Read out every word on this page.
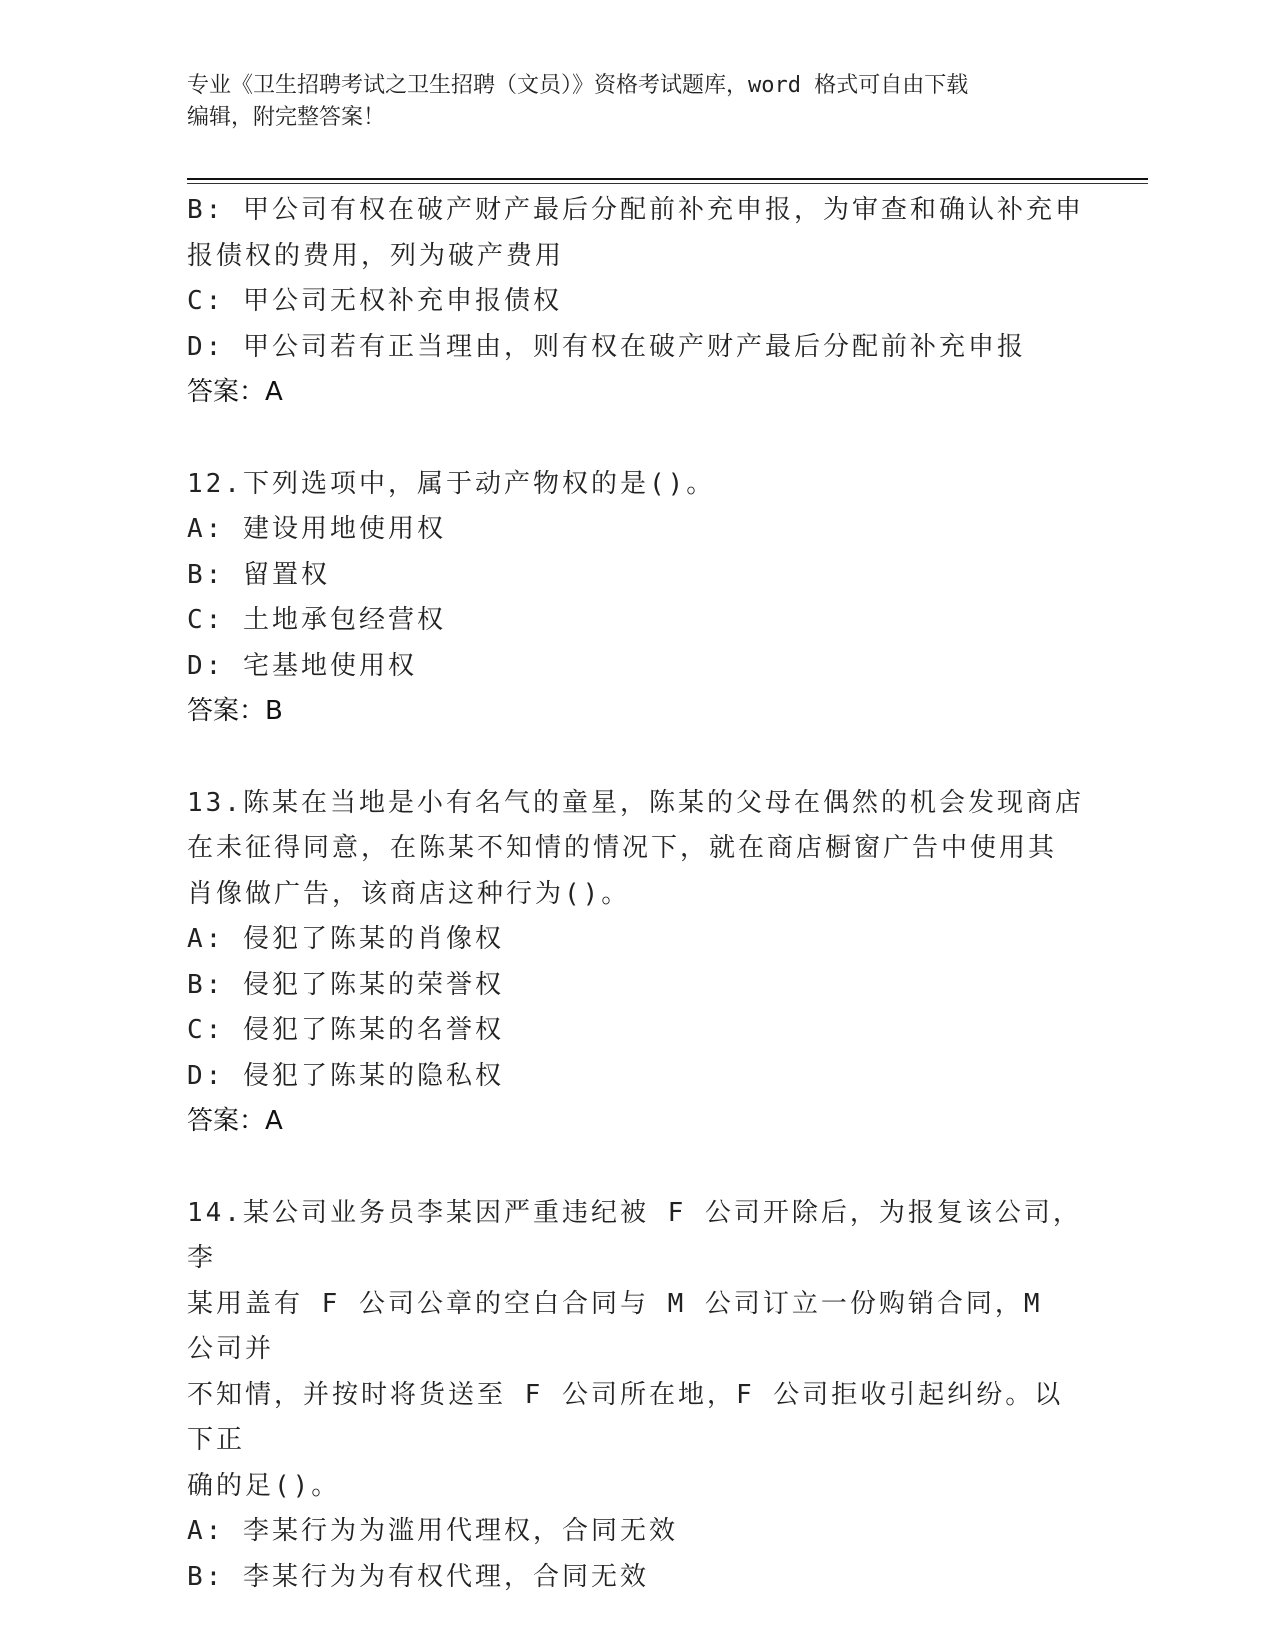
专业《卫生招聘考试之卫生招聘（文员）》资格考试题库，word 格式可自由下载
编辑，附完整答案！
B: 甲公司有权在破产财产最后分配前补充申报，为审查和确认补充申
报债权的费用，列为破产费用
C: 甲公司无权补充申报债权
D: 甲公司若有正当理由，则有权在破产财产最后分配前补充申报
答案：A
12.下列选项中，属于动产物权的是()。
A: 建设用地使用权
B: 留置权
C: 土地承包经营权
D: 宅基地使用权
答案：B
13.陈某在当地是小有名气的童星，陈某的父母在偶然的机会发现商店
在未征得同意，在陈某不知情的情况下，就在商店橱窗广告中使用其
肖像做广告，该商店这种行为()。
A: 侵犯了陈某的肖像权
B: 侵犯了陈某的荣誉权
C: 侵犯了陈某的名誉权
D: 侵犯了陈某的隐私权
答案：A
14.某公司业务员李某因严重违纪被 F 公司开除后，为报复该公司，李
某用盖有 F 公司公章的空白合同与 M 公司订立一份购销合同，M 公司并
不知情，并按时将货送至 F 公司所在地，F 公司拒收引起纠纷。以下正
确的足()。
A: 李某行为为滥用代理权，合同无效
B: 李某行为为有权代理，合同无效
